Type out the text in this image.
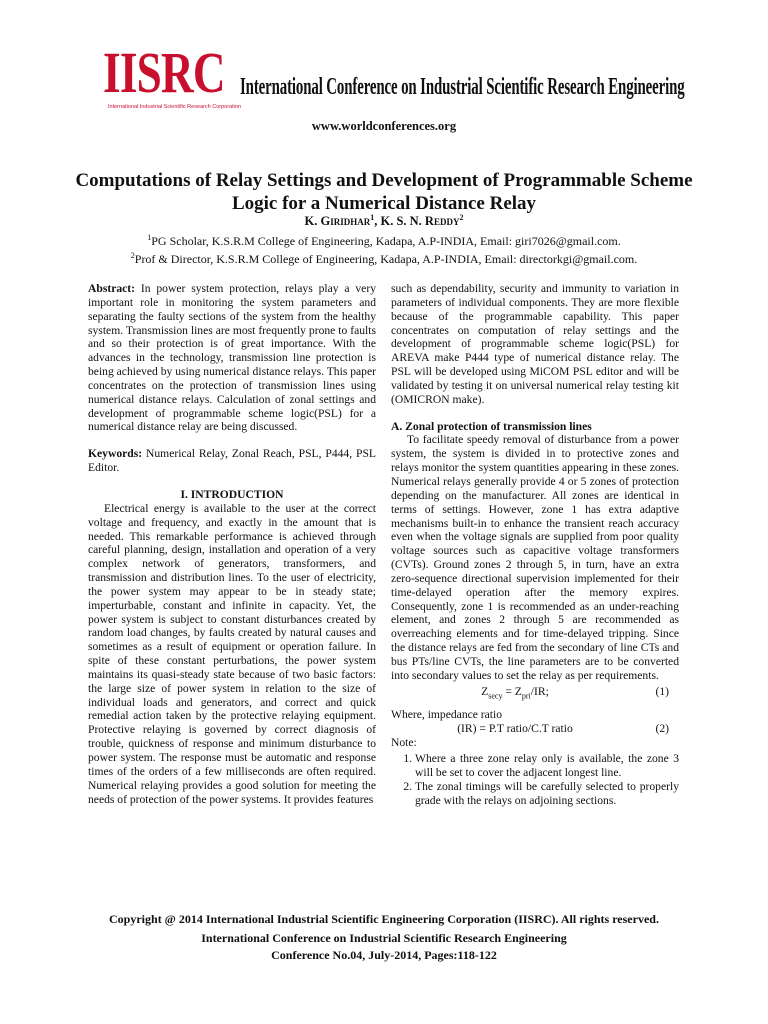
IISRC
International Industrial Scientific Research Corporation
International Conference on Industrial Scientific Research Engineering
www.worldconferences.org
Computations of Relay Settings and Development of Programmable Scheme Logic for a Numerical Distance Relay
K. Giridhar$^1$, K. S. N. Reddy$^2$
$^1$PG Scholar, K.S.R.M College of Engineering, Kadapa, A.P-INDIA, Email: giri7026@gmail.com.
$^2$Prof & Director, K.S.R.M College of Engineering, Kadapa, A.P-INDIA, Email: directorkgi@gmail.com.

Abstract: In power system protection, relays play a very important role in monitoring the system parameters and separating the faulty sections of the system from the healthy system. Transmission lines are most frequently prone to faults and so their protection is of great importance. With the advances in the technology, transmission line protection is being achieved by using numerical distance relays. This paper concentrates on the protection of transmission lines using numerical distance relays. Calculation of zonal settings and development of programmable scheme logic(PSL) for a numerical distance relay are being discussed.

Keywords: Numerical Relay, Zonal Reach, PSL, P444, PSL Editor.

I. INTRODUCTION

Electrical energy is available to the user at the correct voltage and frequency, and exactly in the amount that is needed. This remarkable performance is achieved through careful planning, design, installation and operation of a very complex network of generators, transformers, and transmission and distribution lines. To the user of electricity, the power system may appear to be in steady state; imperturbable, constant and infinite in capacity. Yet, the power system is subject to constant disturbances created by random load changes, by faults created by natural causes and sometimes as a result of equipment or operation failure. In spite of these constant perturbations, the power system maintains its quasi-steady state because of two basic factors: the large size of power system in relation to the size of individual loads and generators, and correct and quick remedial action taken by the protective relaying equipment. Protective relaying is governed by correct diagnosis of trouble, quickness of response and minimum disturbance to power system. The response must be automatic and response times of the orders of a few milliseconds are often required. Numerical relaying provides a good solution for meeting the needs of protection of the power systems. It provides features

such as dependability, security and immunity to variation in parameters of individual components. They are more flexible because of the programmable capability. This paper concentrates on computation of relay settings and the development of programmable scheme logic(PSL) for AREVA make P444 type of numerical distance relay. The PSL will be developed using MiCOM PSL editor and will be validated by testing it on universal numerical relay testing kit (OMICRON make).

A. Zonal protection of transmission lines

To facilitate speedy removal of disturbance from a power system, the system is divided in to protective zones and relays monitor the system quantities appearing in these zones. Numerical relays generally provide 4 or 5 zones of protection depending on the manufacturer. All zones are identical in terms of settings. However, zone 1 has extra adaptive mechanisms built-in to enhance the transient reach accuracy even when the voltage signals are supplied from poor quality voltage sources such as capacitive voltage transformers (CVTs). Ground zones 2 through 5, in turn, have an extra zero-sequence directional supervision implemented for their time-delayed operation after the memory expires. Consequently, zone 1 is recommended as an under-reaching element, and zones 2 through 5 are recommended as overreaching elements and for time-delayed tripping. Since the distance relays are fed from the secondary of line CTs and bus PTs/line CVTs, the line parameters are to be converted into secondary values to set the relay as per requirements.

$Z_{secy} = Z_{pri}/IR$;	(1)

Where, impedance ratio

(IR) = P.T ratio/C.T ratio	(2)

Note:

1. Where a three zone relay only is available, the zone 3 will be set to cover the adjacent longest line.
2. The zonal timings will be carefully selected to properly grade with the relays on adjoining sections.
Copyright @ 2014 International Industrial Scientific Engineering Corporation (IISRC). All rights reserved.
International Conference on Industrial Scientific Research Engineering
Conference No.04, July-2014, Pages:118-122
